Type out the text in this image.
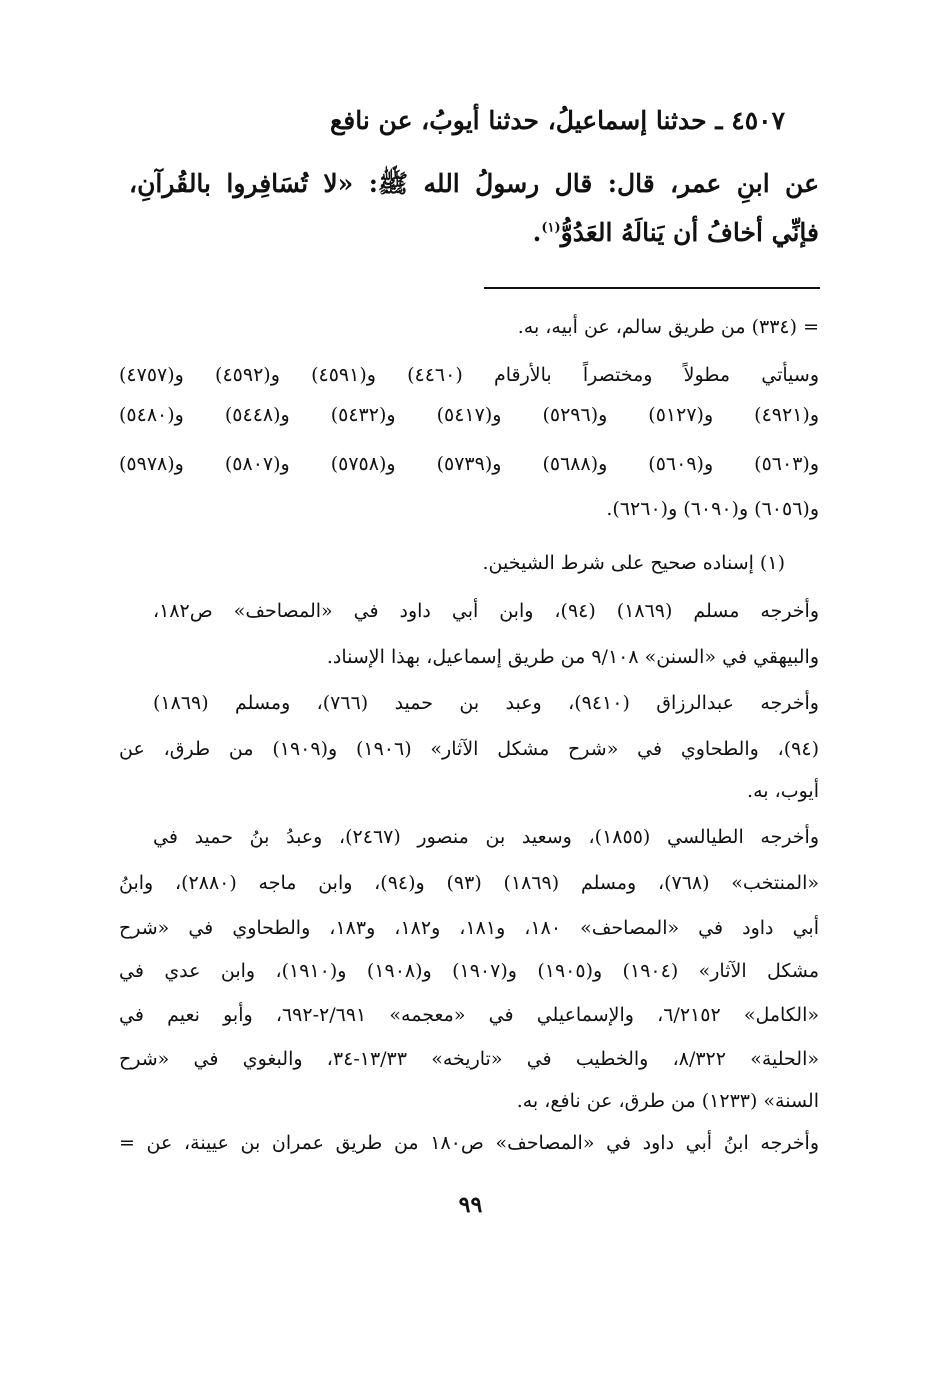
٤٥٠٧ ـ حدثنا إسماعيلُ، حدثنا أيوبُ، عن نافع
عن ابنِ عمر، قال: قال رسولُ الله ﷺ: «لا تُسَافِروا بالقُرآنِ،
فإنِّي أخافُ أن يَنالَهُ العَدُوُّ$^{(١)}$.
= (٣٣٤) من طريق سالم، عن أبيه، به.
وسيأتي مطولاً ومختصراً بالأرقام (٤٤٦٠) و(٤٥٩١) و(٤٥٩٢) و(٤٧٥٧)
و(٤٩٢١) و(٥١٢٧) و(٥٢٩٦) و(٥٤١٧) و(٥٤٣٢) و(٥٤٤٨) و(٥٤٨٠)
و(٥٦٠٣) و(٥٦٠٩) و(٥٦٨٨) و(٥٧٣٩) و(٥٧٥٨) و(٥٨٠٧) و(٥٩٧٨)
و(٦٠٥٦) و(٦٠٩٠) و(٦٢٦٠).
(١) إسناده صحيح على شرط الشيخين.
وأخرجه مسلم (١٨٦٩) (٩٤)، وابن أبي داود في «المصاحف» ص١٨٢،
والبيهقي في «السنن» ٩/١٠٨ من طريق إسماعيل، بهذا الإسناد.
وأخرجه عبدالرزاق (٩٤١٠)، وعبد بن حميد (٧٦٦)، ومسلم (١٨٦٩)
(٩٤)، والطحاوي في «شرح مشكل الآثار» (١٩٠٦) و(١٩٠٩) من طرق، عن
أيوب، به.
وأخرجه الطيالسي (١٨٥٥)، وسعيد بن منصور (٢٤٦٧)، وعبدُ بنُ حميد في
«المنتخب» (٧٦٨)، ومسلم (١٨٦٩) (٩٣) و(٩٤)، وابن ماجه (٢٨٨٠)، وابنُ
أبي داود في «المصاحف» ١٨٠، و١٨١، و١٨٢، و١٨٣، والطحاوي في «شرح
مشكل الآثار» (١٩٠٤) و(١٩٠٥) و(١٩٠٧) و(١٩٠٨) و(١٩١٠)، وابن عدي في
«الكامل» ٦/٢١٥٢، والإسماعيلي في «معجمه» ٢/٦٩١-٦٩٢، وأبو نعيم في
«الحلية» ٨/٣٢٢، والخطيب في «تاريخه» ١٣/٣٣-٣٤، والبغوي في «شرح
السنة» (١٢٣٣) من طرق، عن نافع، به.
وأخرجه ابنُ أبي داود في «المصاحف» ص١٨٠ من طريق عمران بن عيينة، عن =
٩٩
